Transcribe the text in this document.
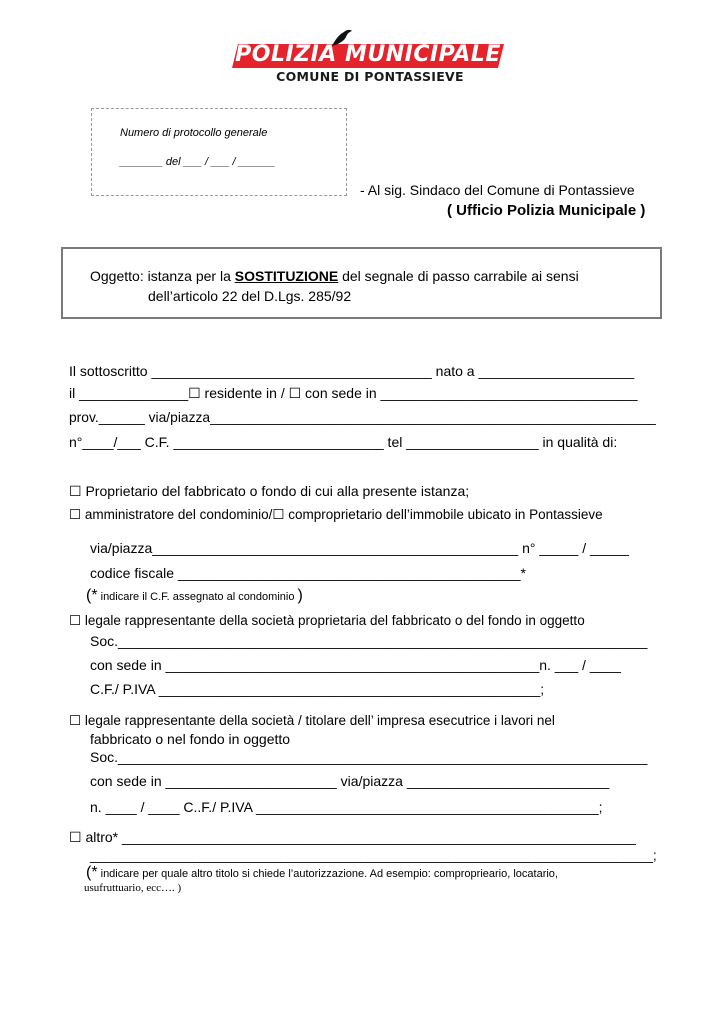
POLIZIA MUNICIPALE
COMUNE DI PONTASSIEVE
Numero di protocollo generale
_______ del ___ / ___ / ______
- Al sig. Sindaco del Comune di Pontassieve
( Ufficio Polizia Municipale )
Oggetto: istanza per la SOSTITUZIONE del segnale di passo carrabile ai sensi
dell’articolo 22 del D.Lgs. 285/92
Il sottoscritto ____________________________________ nato a ____________________
il ______________☐ residente in / ☐ con sede in _________________________________
prov.______ via/piazza__________________________________________________________
n°____/___ C.F. ___________________________ tel _________________ in qualità di:
☐ Proprietario del fabbricato o fondo di cui alla presente istanza;
☐ amministratore del condominio/☐ comproprietario dell’immobile ubicato in Pontassieve
via/piazza_______________________________________________ n° _____ / _____
codice fiscale ____________________________________________*
(* indicare il C.F. assegnato al condominio )
☐ legale rappresentante della società proprietaria del fabbricato o del fondo in oggetto
Soc.____________________________________________________________________
con sede in ________________________________________________n. ___ / ____
C.F./ P.IVA _________________________________________________;
☐ legale rappresentante della società / titolare dell’ impresa esecutrice i lavori nel
fabbricato o nel fondo in oggetto
Soc.____________________________________________________________________
con sede in ______________________ via/piazza __________________________
n. ____ / ____ C..F./ P.IVA ____________________________________________;
☐ altro* __________________________________________________________________
_____________________________________________________________________________;
(* indicare per quale altro titolo si chiede l’autorizzazione. Ad esempio: comproprieario, locatario,
usufruttuario, ecc…. )
